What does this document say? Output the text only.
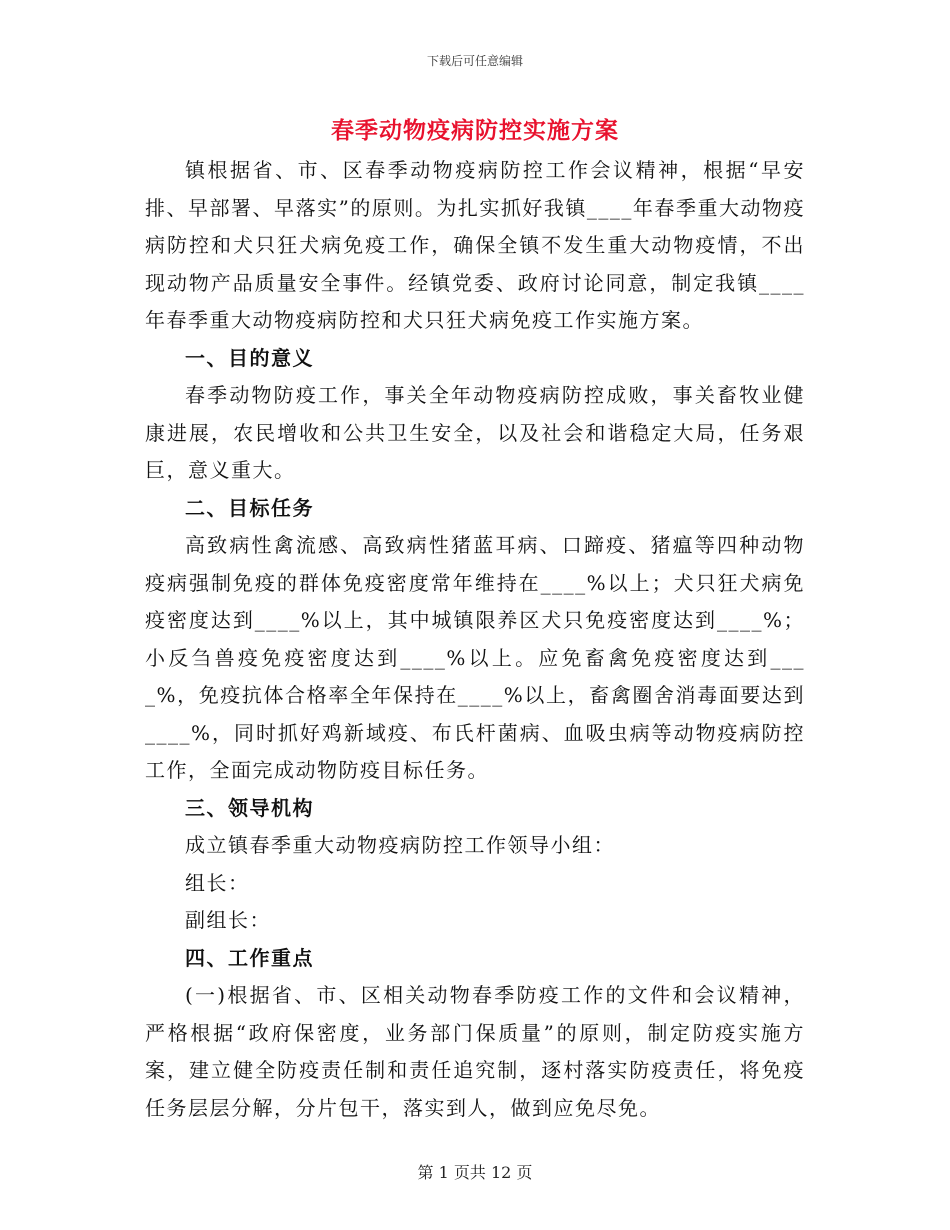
下载后可任意编辑
春季动物疫病防控实施方案

镇根据省、市、区春季动物疫病防控工作会议精神，根据“早安排、早部署、早落实”的原则。为扎实抓好我镇____年春季重大动物疫病防控和犬只狂犬病免疫工作，确保全镇不发生重大动物疫情，不出现动物产品质量安全事件。经镇党委、政府讨论同意，制定我镇____年春季重大动物疫病防控和犬只狂犬病免疫工作实施方案。

一、目的意义

春季动物防疫工作，事关全年动物疫病防控成败，事关畜牧业健康进展，农民增收和公共卫生安全，以及社会和谐稳定大局，任务艰巨，意义重大。

二、目标任务

高致病性禽流感、高致病性猪蓝耳病、口蹄疫、猪瘟等四种动物疫病强制免疫的群体免疫密度常年维持在____%以上；犬只狂犬病免疫密度达到____%以上，其中城镇限养区犬只免疫密度达到____%；小反刍兽疫免疫密度达到____%以上。应免畜禽免疫密度达到____%，免疫抗体合格率全年保持在____%以上，畜禽圈舍消毒面要达到____%，同时抓好鸡新域疫、布氏杆菌病、血吸虫病等动物疫病防控工作，全面完成动物防疫目标任务。

三、领导机构

成立镇春季重大动物疫病防控工作领导小组：

组长：

副组长：

四、工作重点

(一)根据省、市、区相关动物春季防疫工作的文件和会议精神，严格根据“政府保密度，业务部门保质量”的原则，制定防疫实施方案，建立健全防疫责任制和责任追究制，逐村落实防疫责任，将免疫任务层层分解，分片包干，落实到人，做到应免尽免。

第 1 页共 12 页
